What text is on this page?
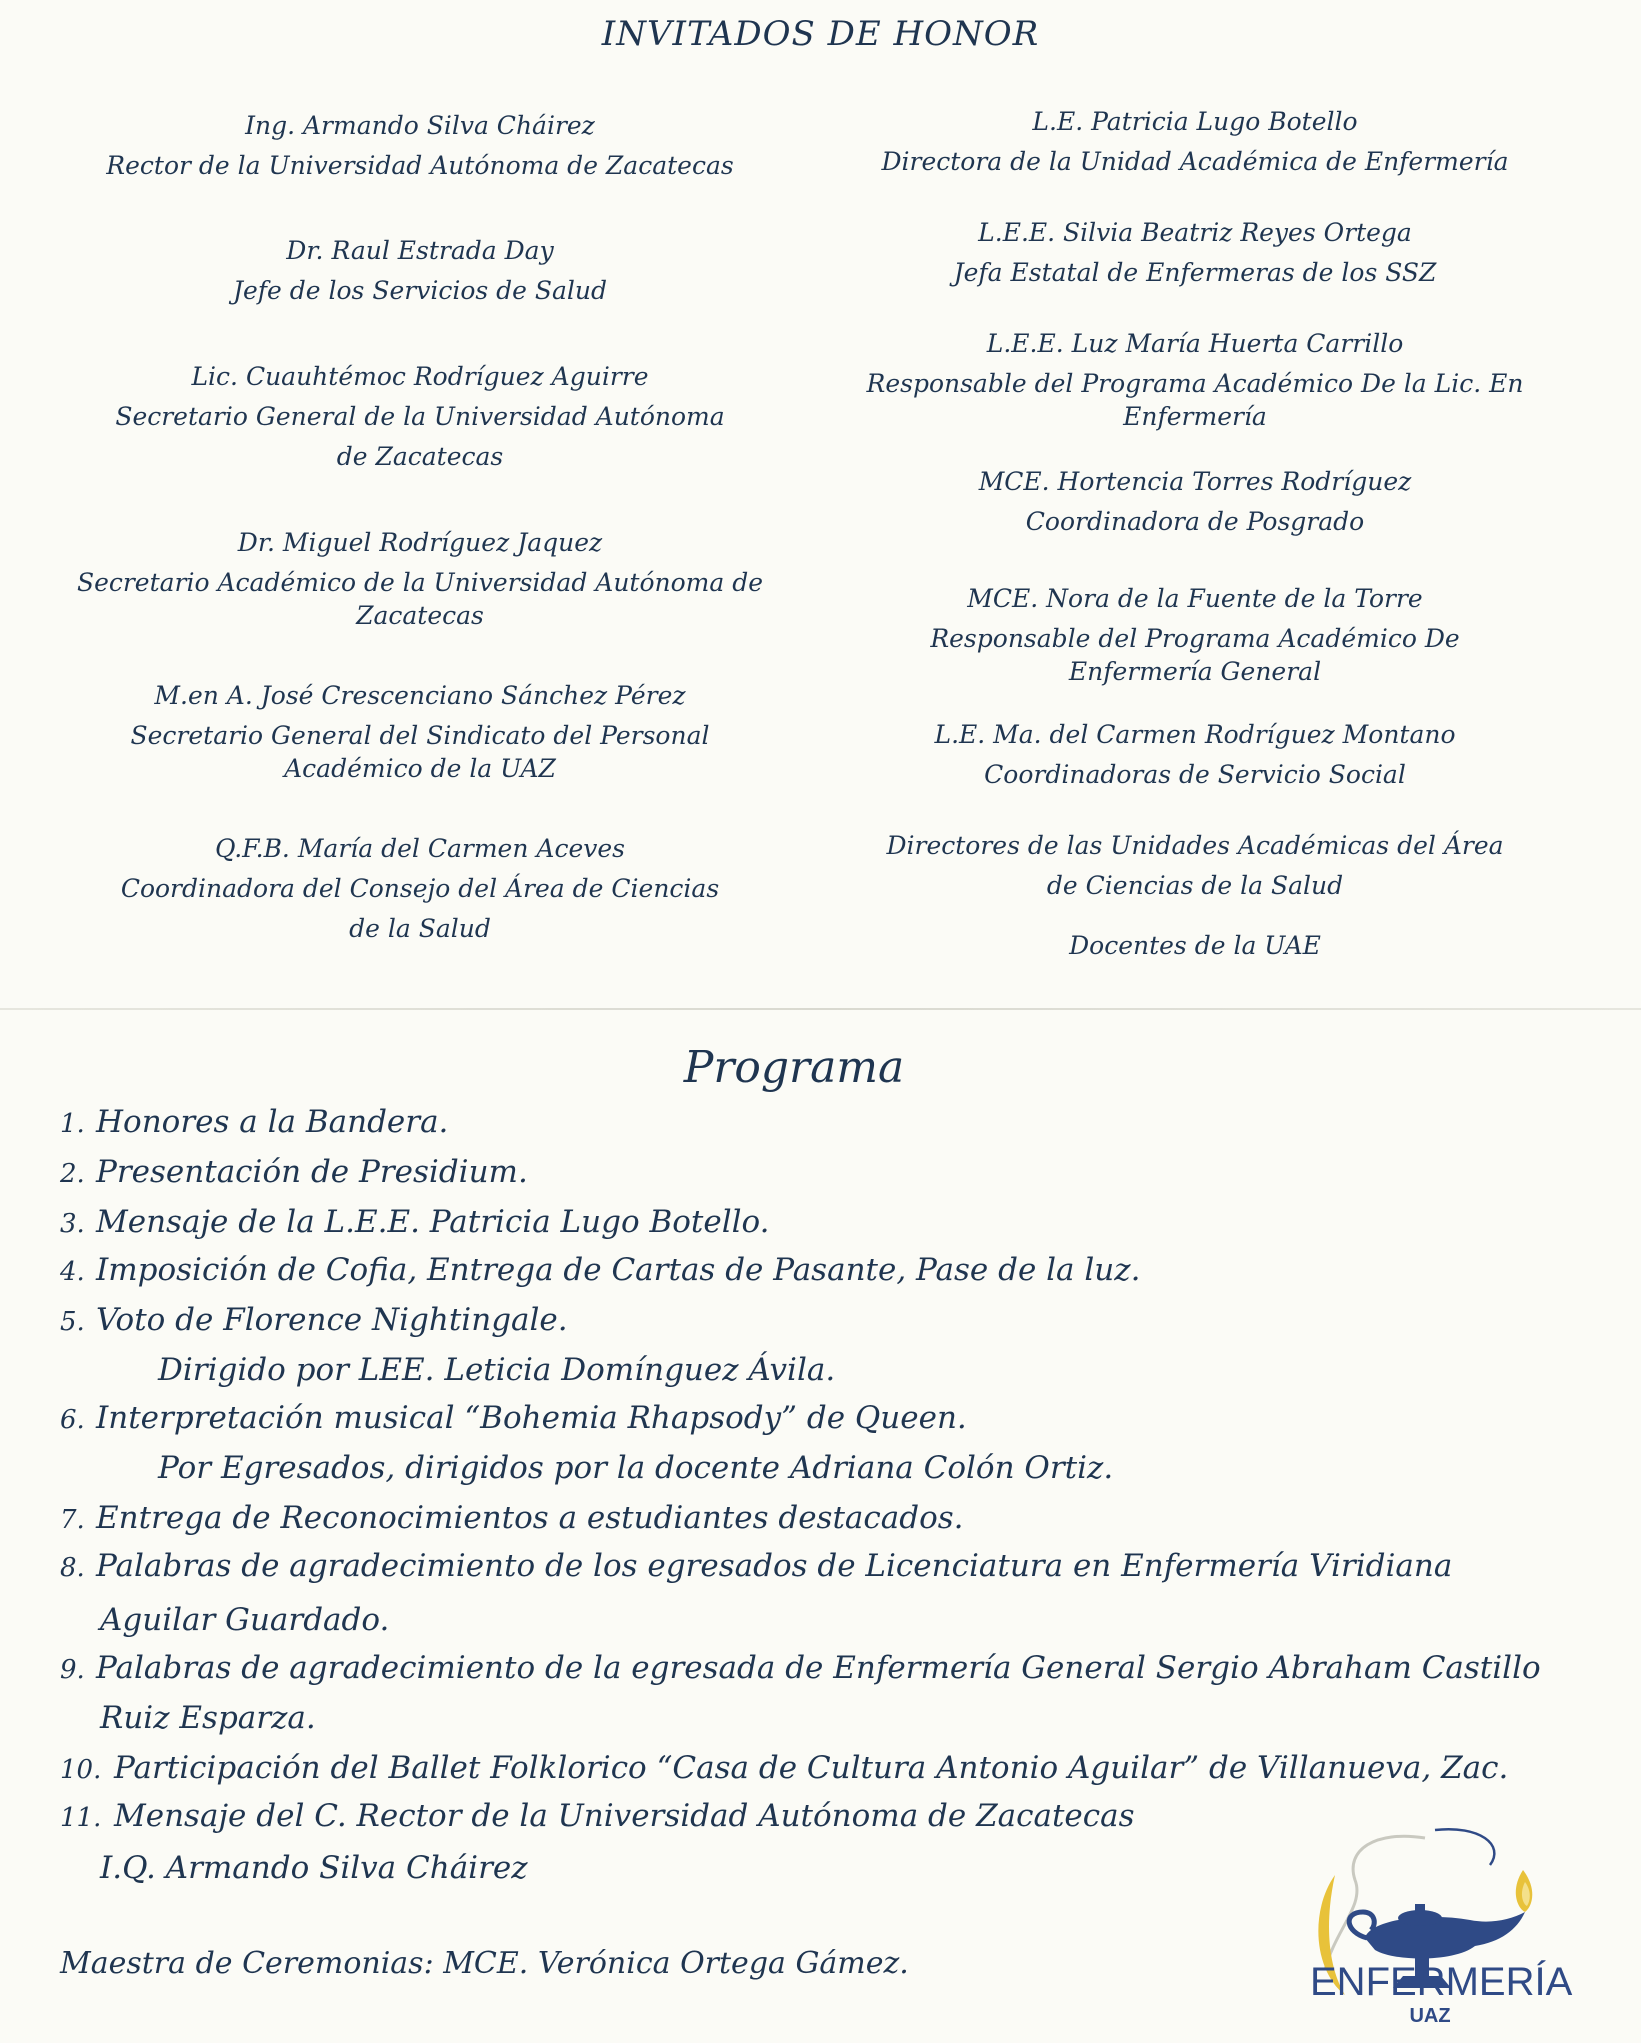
INVITADOS DE HONOR
Ing. Armando Silva Cháirez
Rector de la Universidad Autónoma de Zacatecas
Dr. Raul Estrada Day
Jefe de los Servicios de Salud
Lic. Cuauhtémoc Rodríguez Aguirre
Secretario General de la Universidad Autónoma
de Zacatecas
Dr. Miguel Rodríguez Jaquez
Secretario Académico de la Universidad Autónoma de
Zacatecas
M.en A. José Crescenciano Sánchez Pérez
Secretario General del Sindicato del Personal
Académico de la UAZ
Q.F.B. María del Carmen Aceves
Coordinadora del Consejo del Área de Ciencias
de la Salud
L.E. Patricia Lugo Botello
Directora de la Unidad Académica de Enfermería
L.E.E. Silvia Beatriz Reyes Ortega
Jefa Estatal de Enfermeras de los SSZ
L.E.E. Luz María Huerta Carrillo
Responsable del Programa Académico De la Lic. En
Enfermería
MCE. Hortencia Torres Rodríguez
Coordinadora de Posgrado
MCE. Nora de la Fuente de la Torre
Responsable del Programa Académico De
Enfermería General
L.E. Ma. del Carmen Rodríguez Montano
Coordinadoras de Servicio Social
Directores de las Unidades Académicas del Área
de Ciencias de la Salud
Docentes de la UAE
Programa
1. Honores a la Bandera.
2. Presentación de Presidium.
3. Mensaje de la L.E.E. Patricia Lugo Botello.
4. Imposición de Cofia, Entrega de Cartas de Pasante, Pase de la luz.
5. Voto de Florence Nightingale.
Dirigido por LEE. Leticia Domínguez Ávila.
6. Interpretación musical “Bohemia Rhapsody” de Queen.
Por Egresados, dirigidos por la docente Adriana Colón Ortiz.
7. Entrega de Reconocimientos a estudiantes destacados.
8. Palabras de agradecimiento de los egresados de Licenciatura en Enfermería Viridiana
Aguilar Guardado.
9. Palabras de agradecimiento de la egresada de Enfermería General Sergio Abraham Castillo
Ruiz Esparza.
10. Participación del Ballet Folklorico “Casa de Cultura Antonio Aguilar” de Villanueva, Zac.
11. Mensaje del C. Rector de la Universidad Autónoma de Zacatecas
I.Q. Armando Silva Cháirez
Maestra de Ceremonias: MCE. Verónica Ortega Gámez.	ENFERMERÍA
UAZ
